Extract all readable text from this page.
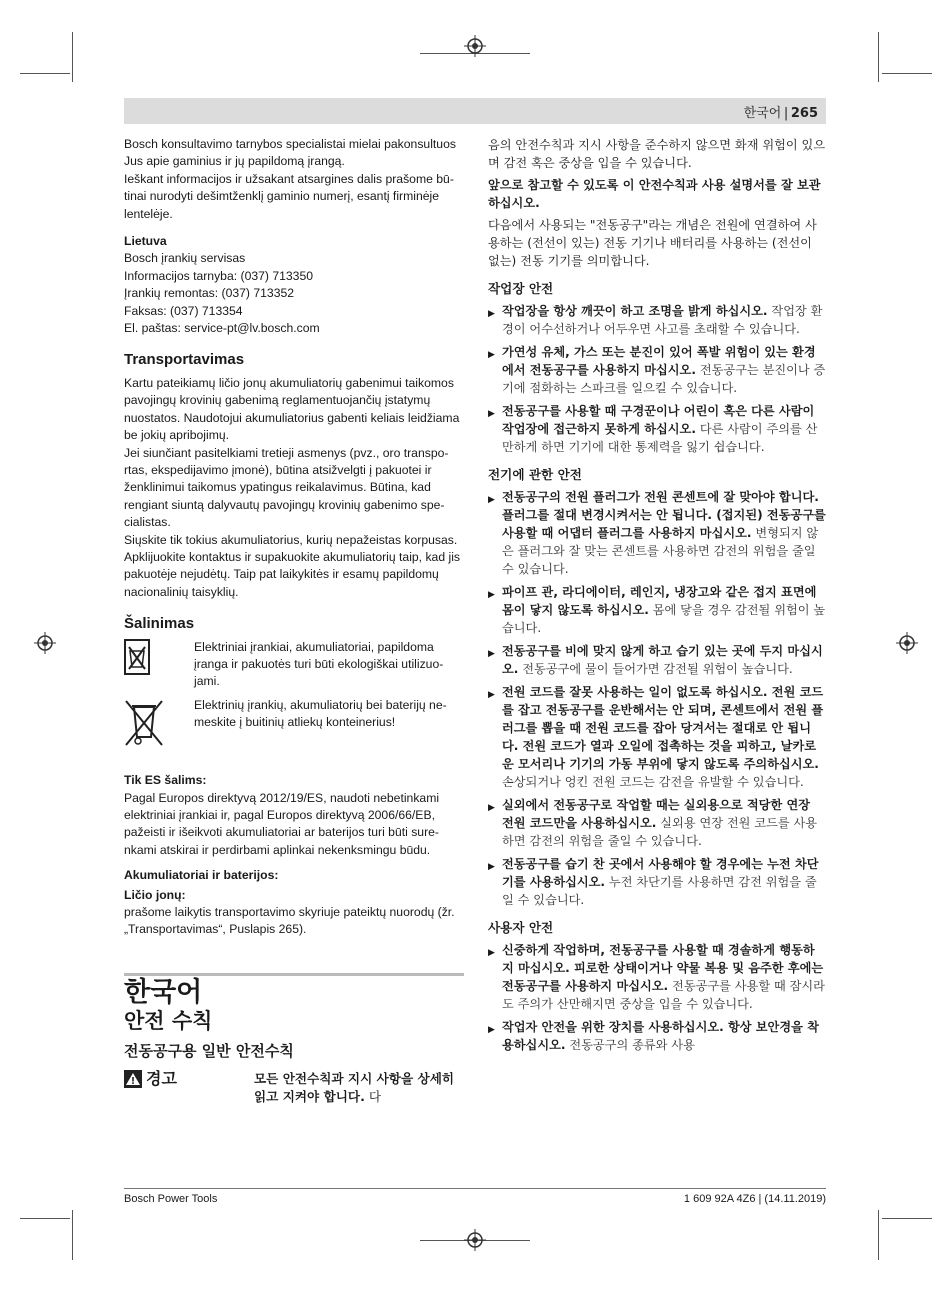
한국어 | 265

Bosch konsultavimo tarnybos specialistai mielai pakonsultuos Jus apie gaminius ir jų papildomą įrangą.

Ieškant informacijos ir užsakant atsargines dalis prašome būtinai nurodyti dešimtženklį gaminio numerį, esantį firminėje lentelėje.

Lietuva

Bosch įrankių servisas

Informacijos tarnyba: (037) 713350

Įrankių remontas: (037) 713352

Faksas: (037) 713354

El. paštas: service-pt@lv.bosch.com

Transportavimas

Kartu pateikiamų ličio jonų akumuliatorių gabenimui taikomos pavojingų krovinių gabenimą reglamentuojančių įstatymų nuostatos. Naudotojui akumuliatorius gabenti keliais leidžiama be jokių apribojimų.

Jei siunčiant pasitelkiami tretieji asmenys (pvz., oro transportas, ekspedijavimo įmonė), būtina atsižvelgti į pakuotei ir ženklinimui taikomus ypatingus reikalavimus. Būtina, kad rengiant siuntą dalyvautų pavojingų krovinių gabenimo specialistas.

Siųskite tik tokius akumuliatorius, kurių nepažeistas korpusas. Apklijuokite kontaktus ir supakuokite akumuliatorių taip, kad jis pakuotėje nejudėtų. Taip pat laikykitės ir esamų papildomų nacionalinių taisyklių.

Šalinimas

Elektriniai įrankiai, akumuliatoriai, papildoma įranga ir pakuotės turi būti ekologiškai utilizuojami.

Elektrinių įrankių, akumuliatorių bei baterijų nemeskite į buitinių atliekų konteinerius!

Tik ES šalims:

Pagal Europos direktyvą 2012/19/ES, naudoti nebetinkami elektriniai įrankiai ir, pagal Europos direktyvą 2006/66/EB, pažeisti ir išeikvoti akumuliatoriai ar baterijos turi būti surenkami atskirai ir perdirbami aplinkai nekenksmingu būdu.

Akumuliatoriai ir baterijos:

Ličio jonų:

prašome laikytis transportavimo skyriuje pateiktų nuorodų (žr. „Transportavimas“, Puslapis 265).

한국어

안전 수칙

전동공구용 일반 안전수칙

경고	모든 안전수칙과 지시 사항을 상세히 읽고 지켜야 합니다. 다

음의 안전수칙과 지시 사항을 준수하지 않으면 화재 위험이 있으며 감전 혹은 중상을 입을 수 있습니다.

앞으로 참고할 수 있도록 이 안전수칙과 사용 설명서를 잘 보관하십시오.

다음에서 사용되는 "전동공구"라는 개념은 전원에 연결하여 사용하는 (전선이 있는) 전동 기기나 배터리를 사용하는 (전선이 없는) 전동 기기를 의미합니다.

작업장 안전

▶ 작업장을 항상 깨끗이 하고 조명을 밝게 하십시오. 작업장 환경이 어수선하거나 어두우면 사고를 초래할 수 있습니다.

▶ 가연성 유체, 가스 또는 분진이 있어 폭발 위험이 있는 환경에서 전동공구를 사용하지 마십시오. 전동공구는 분진이나 증기에 점화하는 스파크를 일으킬 수 있습니다.

▶ 전동공구를 사용할 때 구경꾼이나 어린이 혹은 다른 사람이 작업장에 접근하지 못하게 하십시오. 다른 사람이 주의를 산만하게 하면 기기에 대한 통제력을 잃기 쉽습니다.

전기에 관한 안전

▶ 전동공구의 전원 플러그가 전원 콘센트에 잘 맞아야 합니다. 플러그를 절대 변경시켜서는 안 됩니다. (접지된) 전동공구를 사용할 때 어댑터 플러그를 사용하지 마십시오. 변형되지 않은 플러그와 잘 맞는 콘센트를 사용하면 감전의 위험을 줄일 수 있습니다.

▶ 파이프 관, 라디에이터, 레인지, 냉장고와 같은 접지 표면에 몸이 닿지 않도록 하십시오. 몸에 닿을 경우 감전될 위험이 높습니다.

▶ 전동공구를 비에 맞지 않게 하고 습기 있는 곳에 두지 마십시오. 전동공구에 물이 들어가면 감전될 위험이 높습니다.

▶ 전원 코드를 잘못 사용하는 일이 없도록 하십시오. 전원 코드를 잡고 전동공구를 운반해서는 안 되며, 콘센트에서 전원 플러그를 뽑을 때 전원 코드를 잡아 당겨서는 절대로 안 됩니다. 전원 코드가 열과 오일에 접촉하는 것을 피하고, 날카로운 모서리나 기기의 가동 부위에 닿지 않도록 주의하십시오. 손상되거나 엉킨 전원 코드는 감전을 유발할 수 있습니다.

▶ 실외에서 전동공구로 작업할 때는 실외용으로 적당한 연장 전원 코드만을 사용하십시오. 실외용 연장 전원 코드를 사용하면 감전의 위험을 줄일 수 있습니다.

▶ 전동공구를 습기 찬 곳에서 사용해야 할 경우에는 누전 차단기를 사용하십시오. 누전 차단기를 사용하면 감전 위험을 줄일 수 있습니다.

사용자 안전

▶ 신중하게 작업하며, 전동공구를 사용할 때 경솔하게 행동하지 마십시오. 피로한 상태이거나 약물 복용 및 음주한 후에는 전동공구를 사용하지 마십시오. 전동공구를 사용할 때 잠시라도 주의가 산만해지면 중상을 입을 수 있습니다.

▶ 작업자 안전을 위한 장치를 사용하십시오. 항상 보안경을 착용하십시오. 전동공구의 종류와 사용

Bosch Power Tools	1 609 92A 4Z6 | (14.11.2019)
